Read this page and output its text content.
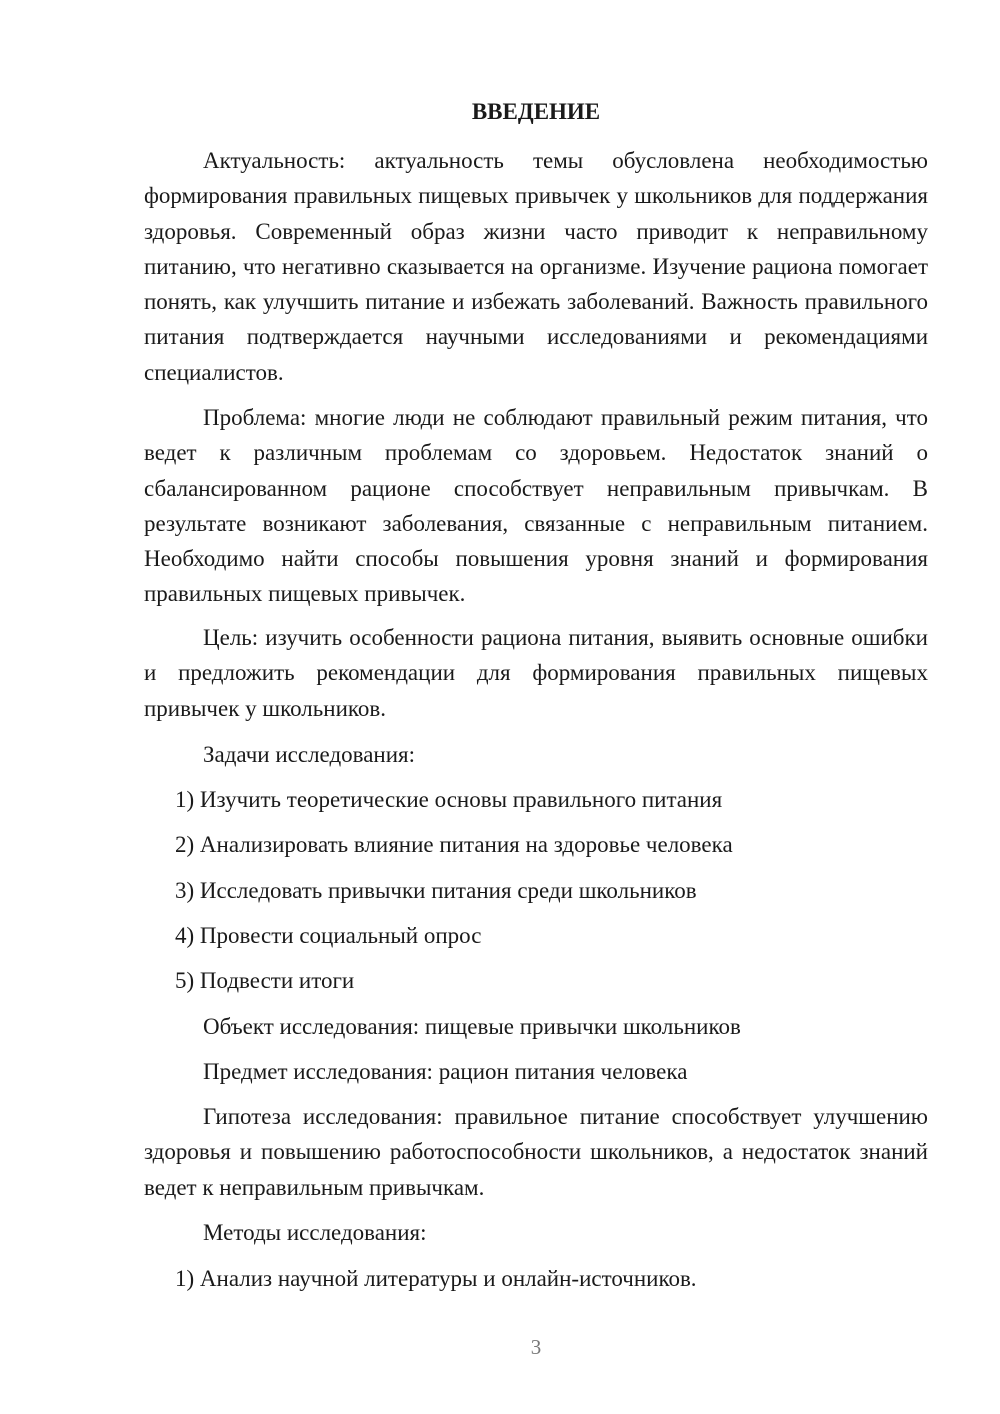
ВВЕДЕНИЕ

Актуальность: актуальность темы обусловлена необходимостью формирования правильных пищевых привычек у школьников для поддержания здоровья. Современный образ жизни часто приводит к неправильному питанию, что негативно сказывается на организме. Изучение рациона помогает понять, как улучшить питание и избежать заболеваний. Важность правильного питания подтверждается научными исследованиями и рекомендациями специалистов.

Проблема: многие люди не соблюдают правильный режим питания, что ведет к различным проблемам со здоровьем. Недостаток знаний о сбалансированном рационе способствует неправильным привычкам. В результате возникают заболевания, связанные с неправильным питанием. Необходимо найти способы повышения уровня знаний и формирования правильных пищевых привычек.

Цель: изучить особенности рациона питания, выявить основные ошибки и предложить рекомендации для формирования правильных пищевых привычек у школьников.

Задачи исследования:

1) Изучить теоретические основы правильного питания

2) Анализировать влияние питания на здоровье человека

3) Исследовать привычки питания среди школьников

4) Провести социальный опрос

5) Подвести итоги

Объект исследования: пищевые привычки школьников

Предмет исследования: рацион питания человека

Гипотеза исследования: правильное питание способствует улучшению здоровья и повышению работоспособности школьников, а недостаток знаний ведет к неправильным привычкам.

Методы исследования:

1) Анализ научной литературы и онлайн-источников.

3
